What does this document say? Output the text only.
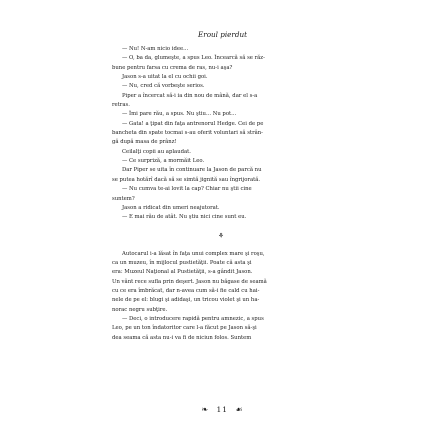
Eroul pierdut

— Nu! N-am nicio idee...

— O, ba da, glumeşte, a spus Leo. Încearcă să se răz-

bune pentru farsa cu crema de ras, nu-i aşa?

Jason s-a uitat la el cu ochii goi.

— Nu, cred că vorbeşte serios.

Piper a încercat să-i ia din nou de mână, dar el s-a

retras.

— Îmi pare rău, a spus. Nu ştiu... Nu pot...

— Gata! a ţipat din faţa antrenorul Hedge. Cei de pe

bancheta din spate tocmai s-au oferit voluntari să strân-

gă după masa de prânz!

Ceilalţi copii au aplaudat.

— Ce surpriză, a mormăit Leo.

Dar Piper se uita în continuare la Jason de parcă nu

se putea hotărî dacă să se simtă jignită sau îngrijorată.

— Nu cumva te-ai lovit la cap? Chiar nu ştii cine

suntem?

Jason a ridicat din umeri neajutorat.

— E mai rău de atât. Nu ştiu nici cine sunt eu.

⚘

Autocarul i-a lăsat în faţa unui complex mare şi roşu,

ca un muzeu, în mijlocul pustietăţii. Poate că asta şi

era: Muzeul Naţional al Pustietăţii, s-a gândit Jason.

Un vânt rece sufla prin deşert. Jason nu băgase de seamă

cu ce era îmbrăcat, dar n-avea cum să-i fie cald cu hai-

nele de pe el: blugi şi adidaşi, un tricou violet şi un ha-

norac negru subţire.

— Deci, o introducere rapidă pentru amnezic, a spus

Leo, pe un ton îndatoritor care l-a făcut pe Jason să-şi

dea seama că asta nu-i va fi de niciun folos. Suntem

❧ 11 ☙
